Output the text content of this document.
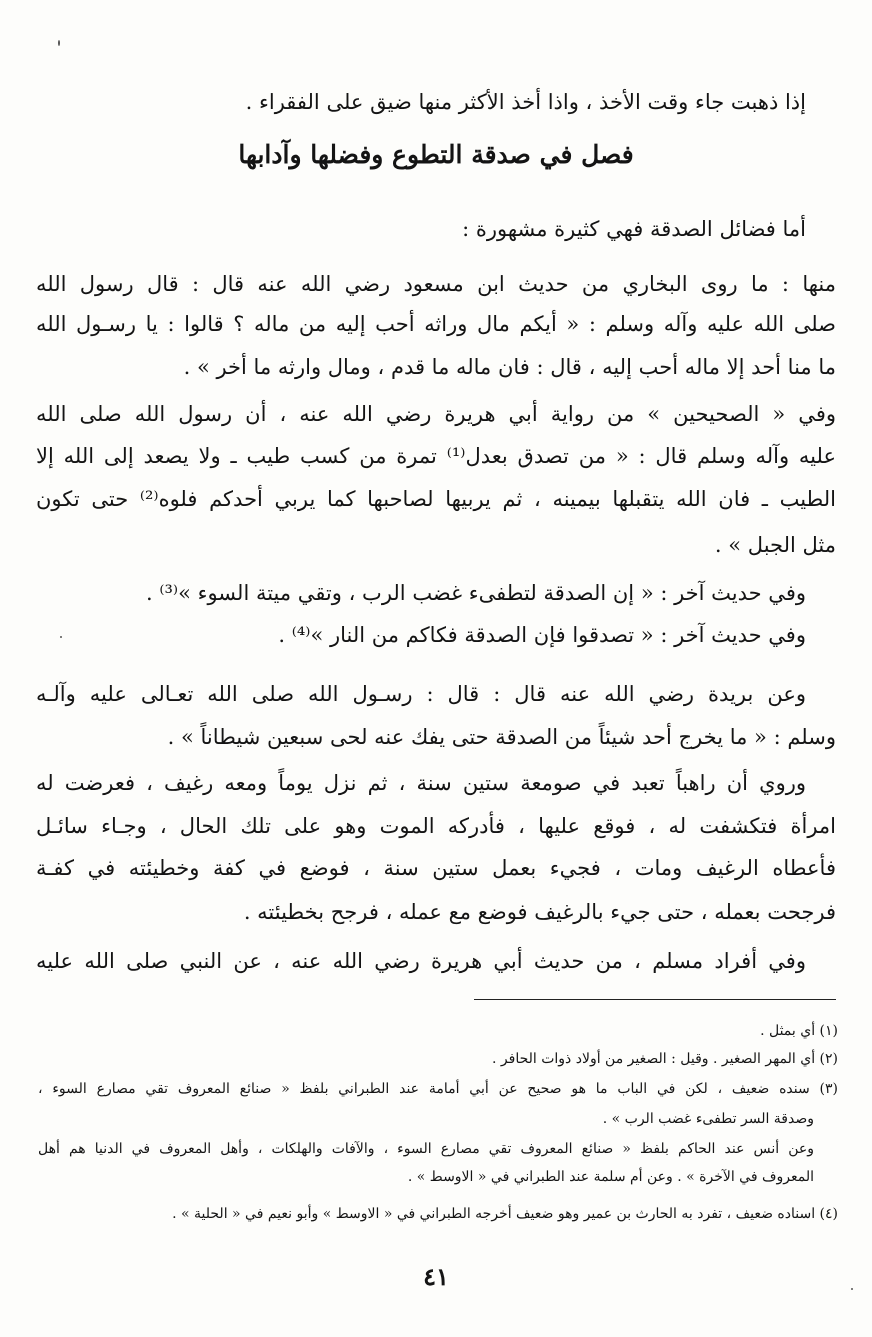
إذا ذهبت جاء وقت الأخذ ، واذا أخذ الأكثر منها ضيق على الفقراء .
فصل في صدقة التطوع وفضلها وآدابها
أما فضائل الصدقة فهي كثيرة مشهورة :
منها : ما روى البخاري من حديث ابن مسعود رضي الله عنه قال : قال رسول الله
صلى الله عليه وآله وسلم : « أيكم مال وراثه أحب إليه من ماله ؟ قالوا : يا رسـول الله
ما منا أحد إلا ماله أحب إليه ، قال : فان ماله ما قدم ، ومال وارثه ما أخر » .
وفي « الصحيحين » من رواية أبي هريرة رضي الله عنه ، أن رسول الله صلى الله
عليه وآله وسلم قال : « من تصدق بعدل⁽¹⁾ تمرة من كسب طيب ـ ولا يصعد إلى الله إلا
الطيب ـ فان الله يتقبلها بيمينه ، ثم يربيها لصاحبها كما يربي أحدكم فلوه⁽²⁾ حتى تكون
مثل الجبل » .
وفي حديث آخر : « إن الصدقة لتطفىء غضب الرب ، وتقي ميتة السوء »⁽³⁾ .
وفي حديث آخر : « تصدقوا فإن الصدقة فكاكم من النار »⁽⁴⁾ .
وعن بريدة رضي الله عنه قال : قال : رسـول الله صلى الله تعـالى عليه وآلـه
وسلم : « ما يخرج أحد شيئاً من الصدقة حتى يفك عنه لحى سبعين شيطاناً » .
وروي أن راهباً تعبد في صومعة ستين سنة ، ثم نزل يوماً ومعه رغيف ، فعرضت له
امرأة فتكشفت له ، فوقع عليها ، فأدركه الموت وهو على تلك الحال ، وجـاء سائـل
فأعطاه الرغيف ومات ، فجيء بعمل ستين سنة ، فوضع في كفة وخطيئته في كفـة
فرجحت بعمله ، حتى جيء بالرغيف فوضع مع عمله ، فرجح بخطيئته .
وفي أفراد مسلم ، من حديث أبي هريرة رضي الله عنه ، عن النبي صلى الله عليه
(١) أي بمثل .
(٢) أي المهر الصغير . وقيل : الصغير من أولاد ذوات الحافر .
(٣) سنده ضعيف ، لكن في الباب ما هو صحيح عن أبي أمامة عند الطبراني بلفظ « صنائع المعروف تقي مصارع السوء ،
وصدقة السر تطفىء غضب الرب » .
وعن أنس عند الحاكم بلفظ « صنائع المعروف تقي مصارع السوء ، والآفات والهلكات ، وأهل المعروف في الدنيا هم أهل
المعروف في الآخرة » . وعن أم سلمة عند الطبراني في « الاوسط » .
(٤) اسناده ضعيف ، تفرد به الحارث بن عمير وهو ضعيف أخرجه الطبراني في « الاوسط » وأبو نعيم في « الحلية » .
٤١
